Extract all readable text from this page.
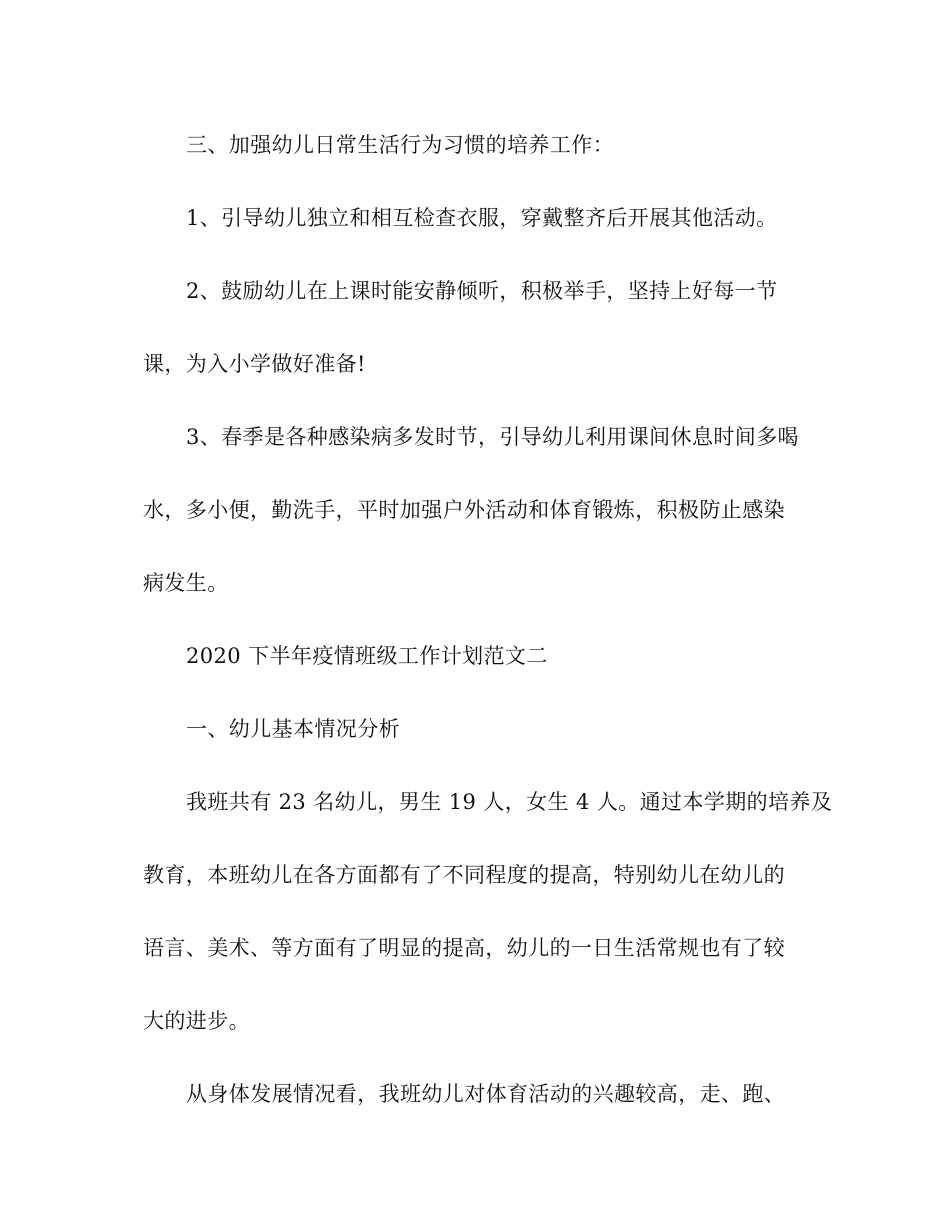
三、加强幼儿日常生活行为习惯的培养工作：
1、引导幼儿独立和相互检查衣服，穿戴整齐后开展其他活动。
2、鼓励幼儿在上课时能安静倾听，积极举手，坚持上好每一节
课，为入小学做好准备!
3、春季是各种感染病多发时节，引导幼儿利用课间休息时间多喝
水，多小便，勤洗手，平时加强户外活动和体育锻炼，积极防止感染
病发生。
2020 下半年疫情班级工作计划范文二
一、幼儿基本情况分析
我班共有 23 名幼儿，男生 19 人，女生 4 人。通过本学期的培养及
教育，本班幼儿在各方面都有了不同程度的提高，特别幼儿在幼儿的
语言、美术、等方面有了明显的提高，幼儿的一日生活常规也有了较
大的进步。
从身体发展情况看，我班幼儿对体育活动的兴趣较高，走、跑、
